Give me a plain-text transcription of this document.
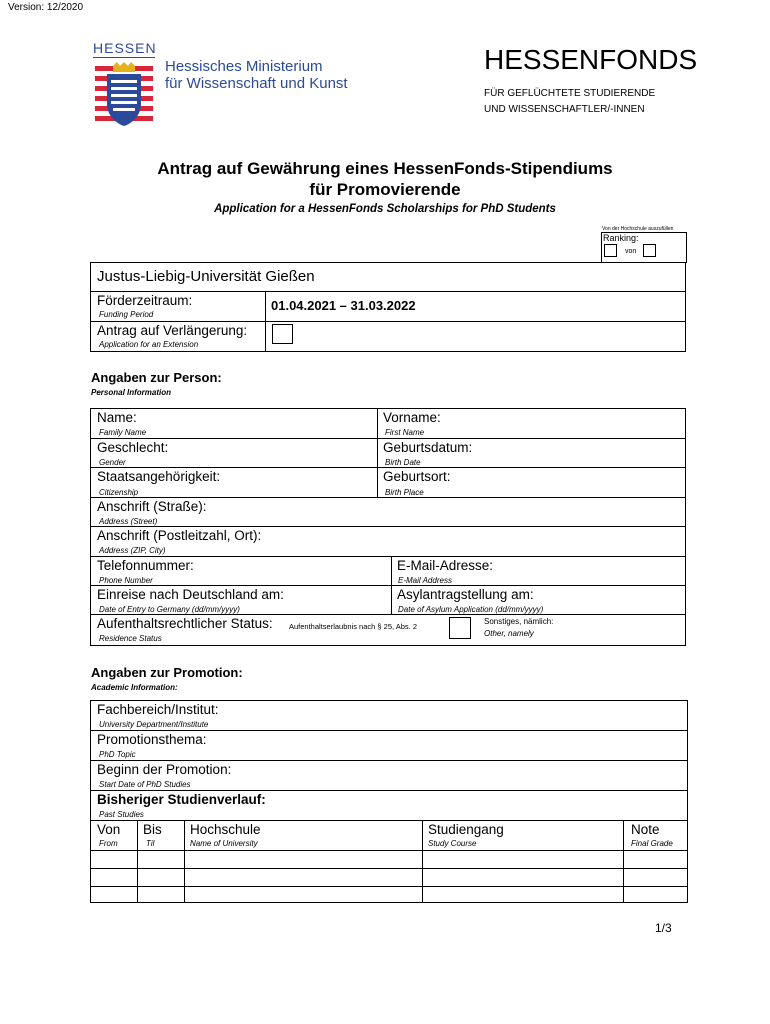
Version: 12/2020
HESSEN
Hessisches Ministerium
für Wissenschaft und Kunst
HESSENFONDS
FÜR GEFLÜCHTETE STUDIERENDE
UND WISSENSCHAFTLER/-INNEN
Antrag auf Gewährung eines HessenFonds-Stipendiums
für Promovierende
Application for a HessenFonds Scholarships for PhD Students
Von der Hochschule auszufüllen
Ranking:
von
Justus-Liebig-Universität Gießen
Förderzeitraum:
Funding Period
01.04.2021 – 31.03.2022
Antrag auf Verlängerung:
Application for an Extension
Angaben zur Person:
Personal Information
Name:
Family Name
Vorname:
First Name
Geschlecht:
Gender
Geburtsdatum:
Birth Date
Staatsangehörigkeit:
Citizenship
Geburtsort:
Birth Place
Anschrift (Straße):
Address (Street)
Anschrift (Postleitzahl, Ort):
Address (ZIP, City)
Telefonnummer:
Phone Number
E-Mail-Adresse:
E-Mail Address
Einreise nach Deutschland am:
Date of Entry to Germany (dd/mm/yyyy)
Asylantragstellung am:
Date of Asylum Application (dd/mm/yyyy)
Aufenthaltsrechtlicher Status: Aufenthaltserlaubnis nach § 25, Abs. 2
Residence Status
Sonstiges, nämlich:
Other, namely
Angaben zur Promotion:
Academic Information:
Fachbereich/Institut:
University Department/Institute
Promotionsthema:
PhD Topic
Beginn der Promotion:
Start Date of PhD Studies
Bisheriger Studienverlauf:
Past Studies
Von
From
Bis
Til
Hochschule
Name of University
Studiengang
Study Course
Note
Final Grade
1/3
